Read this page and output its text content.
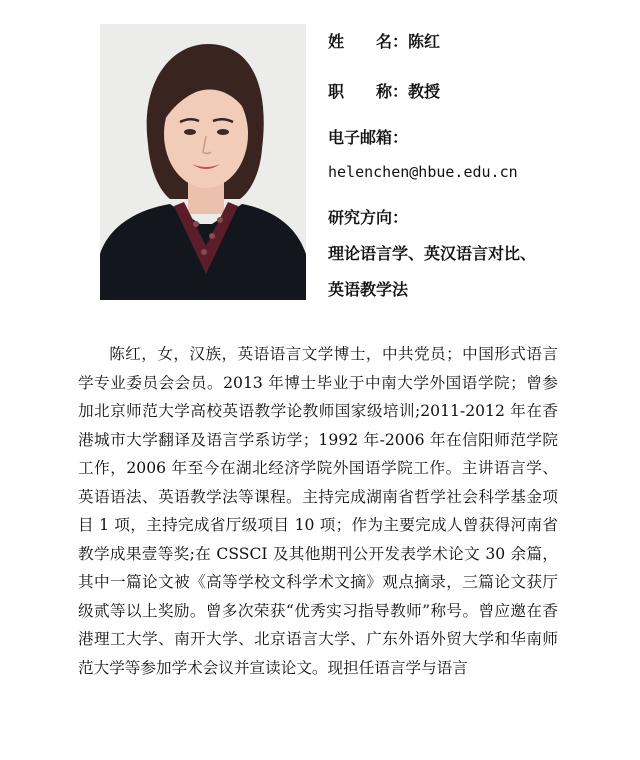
姓 名：陈红
职 称：教授
电子邮箱：
helenchen@hbue.edu.cn
研究方向：
理论语言学、英汉语言对比、
英语教学法
陈红，女，汉族，英语语言文学博士，中共党员；中国形式语言学专业委员会会员。2013 年博士毕业于中南大学外国语学院；曾参加北京师范大学高校英语教学论教师国家级培训;2011-2012 年在香港城市大学翻译及语言学系访学；1992 年-2006 年在信阳师范学院工作，2006 年至今在湖北经济学院外国语学院工作。主讲语言学、英语语法、英语教学法等课程。主持完成湖南省哲学社会科学基金项目 1 项，主持完成省厅级项目 10 项；作为主要完成人曾获得河南省教学成果壹等奖;在 CSSCI 及其他期刊公开发表学术论文 30 余篇，其中一篇论文被《高等学校文科学术文摘》观点摘录，三篇论文获厅级贰等以上奖励。曾多次荣获“优秀实习指导教师”称号。曾应邀在香港理工大学、南开大学、北京语言大学、广东外语外贸大学和华南师范大学等参加学术会议并宣读论文。现担任语言学与语言
